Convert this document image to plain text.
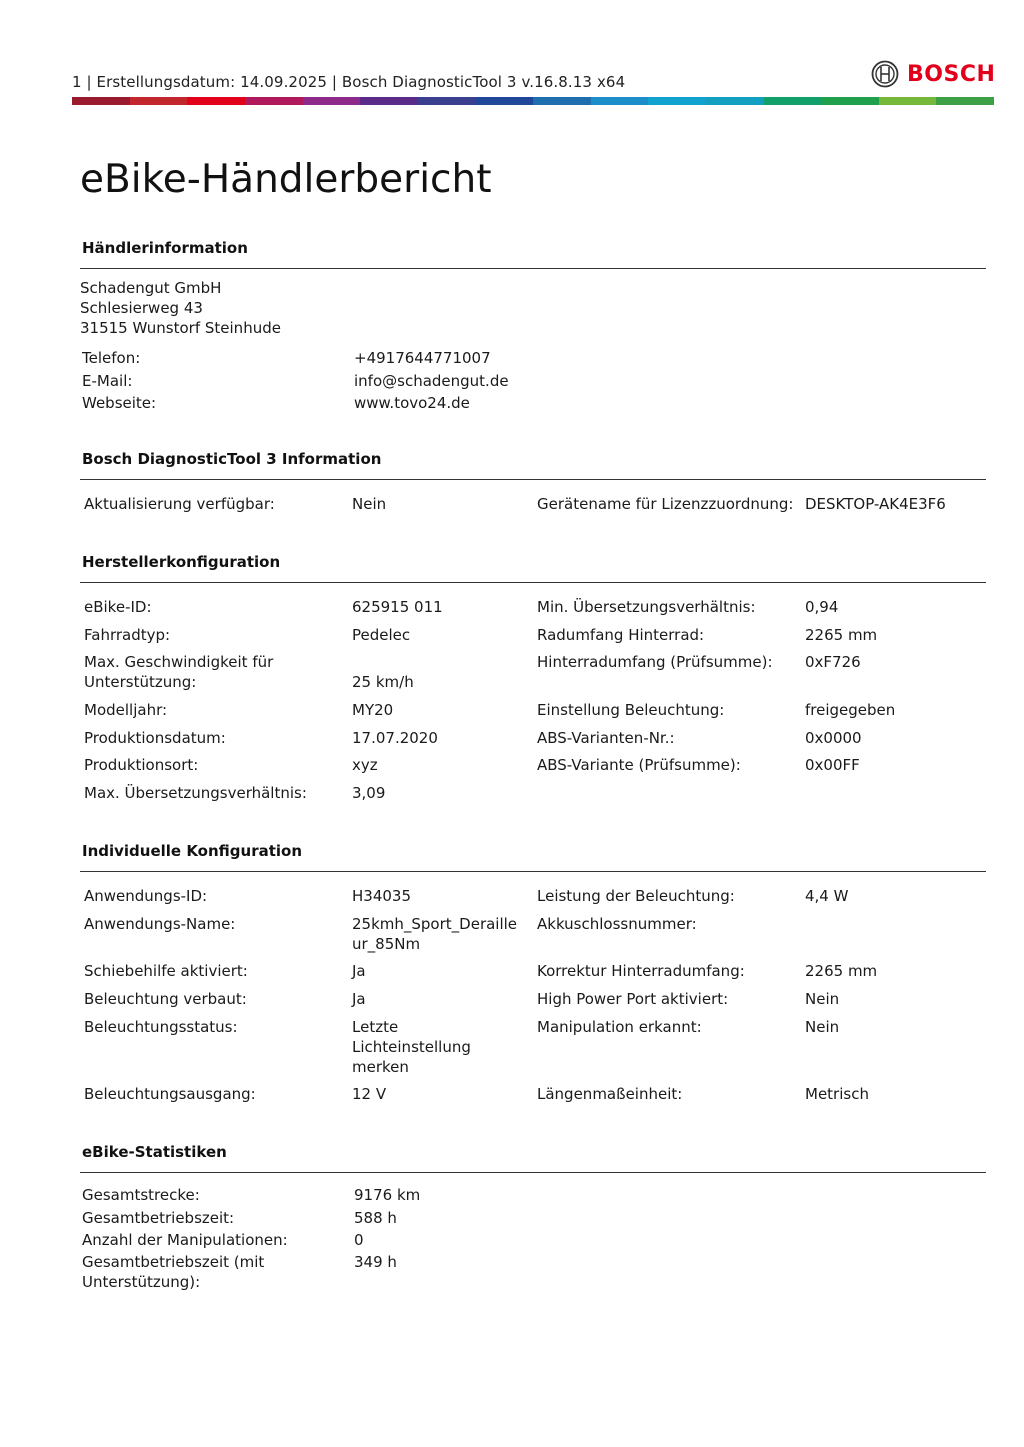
1 | Erstellungsdatum: 14.09.2025 | Bosch DiagnosticTool 3 v.16.8.13 x64	BOSCH
eBike-Händlerbericht
Händlerinformation
Schadengut GmbH
Schlesierweg 43
31515 Wunstorf Steinhude
Telefon:	+4917644771007
E-Mail:	info@schadengut.de
Webseite:	www.tovo24.de
Bosch DiagnosticTool 3 Information
Aktualisierung verfügbar:	Nein	Gerätename für Lizenzzuordnung: DESKTOP-AK4E3F6
Herstellerkonfiguration
eBike-ID:	625915 011
Fahrradtyp:	Pedelec
Max. Geschwindigkeit für Unterstützung:	25 km/h
Modelljahr:	MY20
Produktionsdatum:	17.07.2020
Produktionsort:	xyz
Max. Übersetzungsverhältnis:	3,09
Min. Übersetzungsverhältnis:	0,94
Radumfang Hinterrad:	2265 mm
Hinterradumfang (Prüfsumme): 0xF726
Einstellung Beleuchtung:	freigegeben
ABS-Varianten-Nr.:	0x0000
ABS-Variante (Prüfsumme):	0x00FF
Individuelle Konfiguration
Anwendungs-ID:	H34035
Anwendungs-Name:	25kmh_Sport_Derailleur_85Nm
Schiebehilfe aktiviert:	Ja
Beleuchtung verbaut:	Ja
Beleuchtungsstatus:	Letzte Lichteinstellung merken
Beleuchtungsausgang:	12 V
Leistung der Beleuchtung:	4,4 W
Akkuschlossnummer:
Korrektur Hinterradumfang:	2265 mm
High Power Port aktiviert:	Nein
Manipulation erkannt:	Nein
Längenmaßeinheit:	Metrisch
eBike-Statistiken
Gesamtstrecke:	9176 km
Gesamtbetriebszeit:	588 h
Anzahl der Manipulationen:	0
Gesamtbetriebszeit (mit Unterstützung):
349 h
